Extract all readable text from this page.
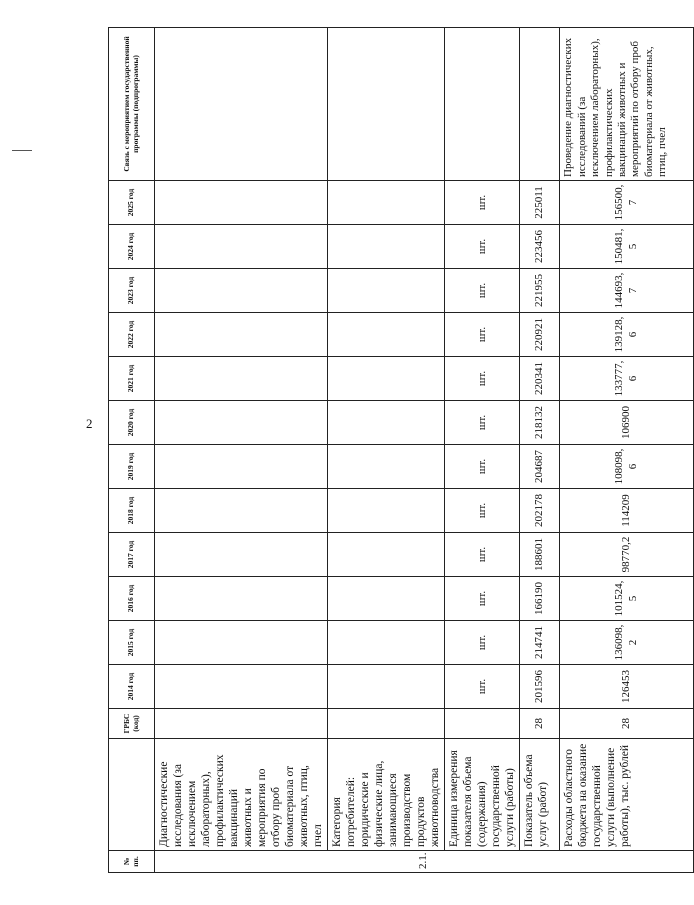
2
№ пп.		ГРБС (код)	2014 год	2015 год	2016 год	2017 год	2018 год	2019 год	2020 год	2021 год	2022 год	2023 год	2024 год	2025 год	Связь с мероприятием государственной программы (подпрограммы)
2.1.	Диагностические исследования (за исключением лабораторных), профилактических вакцинаций животных и мероприятия по отбору проб биоматериала от животных, птиц, пчел														
	Категория потребителей: юридические и физические лица, занимающиеся производством продуктов животноводства														
	Единица измерения показателя объема (содержания) государственной услуги (работы)		шт.	шт.	шт.	шт.	шт.	шт.	шт.	шт.	шт.	шт.	шт.	шт.	
	Показатель объема услуг (работ)	28	201596	214741	166190	188601	202178	204687	218132	220341	220921	221955	223456	225011	
	Расходы областного бюджета на оказание государственной услуги (выполнение работы), тыс. рублей	28	126453	136098,2	101524,5	98770,2	114209	108098,6	106900	133777,6	139128,6	144693,7	150481,5	156500,7	Проведение диагностических исследований (за исключением лабораторных), профилактических вакцинаций животных и мероприятий по отбору проб биоматериала от животных, птиц, пчел
